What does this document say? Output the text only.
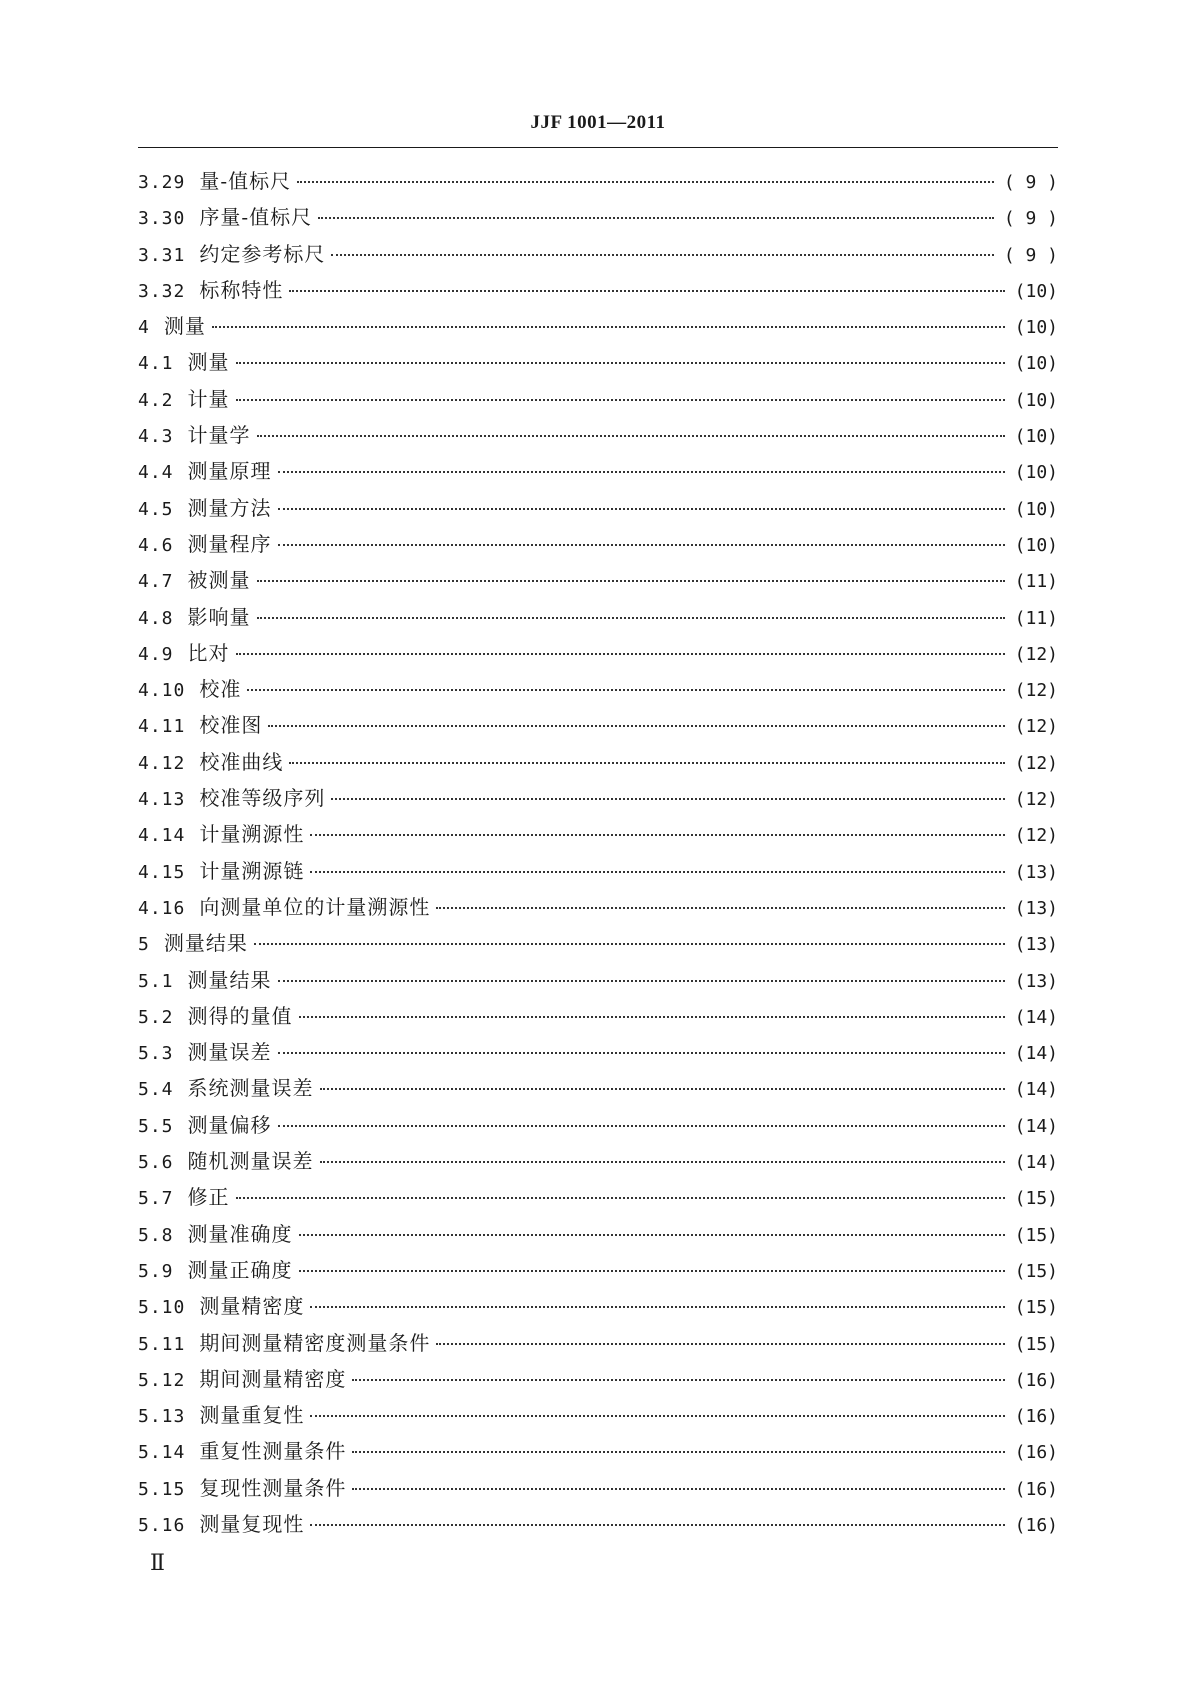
JJF 1001—2011
3.29 量-值标尺	( 9 )
3.30 序量-值标尺	( 9 )
3.31 约定参考标尺	( 9 )
3.32 标称特性	(10)
4 测量	(10)
4.1 测量	(10)
4.2 计量	(10)
4.3 计量学	(10)
4.4 测量原理	(10)
4.5 测量方法	(10)
4.6 测量程序	(10)
4.7 被测量	(11)
4.8 影响量	(11)
4.9 比对	(12)
4.10 校准	(12)
4.11 校准图	(12)
4.12 校准曲线	(12)
4.13 校准等级序列	(12)
4.14 计量溯源性	(12)
4.15 计量溯源链	(13)
4.16 向测量单位的计量溯源性	(13)
5 测量结果	(13)
5.1 测量结果	(13)
5.2 测得的量值	(14)
5.3 测量误差	(14)
5.4 系统测量误差	(14)
5.5 测量偏移	(14)
5.6 随机测量误差	(14)
5.7 修正	(15)
5.8 测量准确度	(15)
5.9 测量正确度	(15)
5.10 测量精密度	(15)
5.11 期间测量精密度测量条件	(15)
5.12 期间测量精密度	(16)
5.13 测量重复性	(16)
5.14 重复性测量条件	(16)
5.15 复现性测量条件	(16)
5.16 测量复现性	(16)
Ⅱ
